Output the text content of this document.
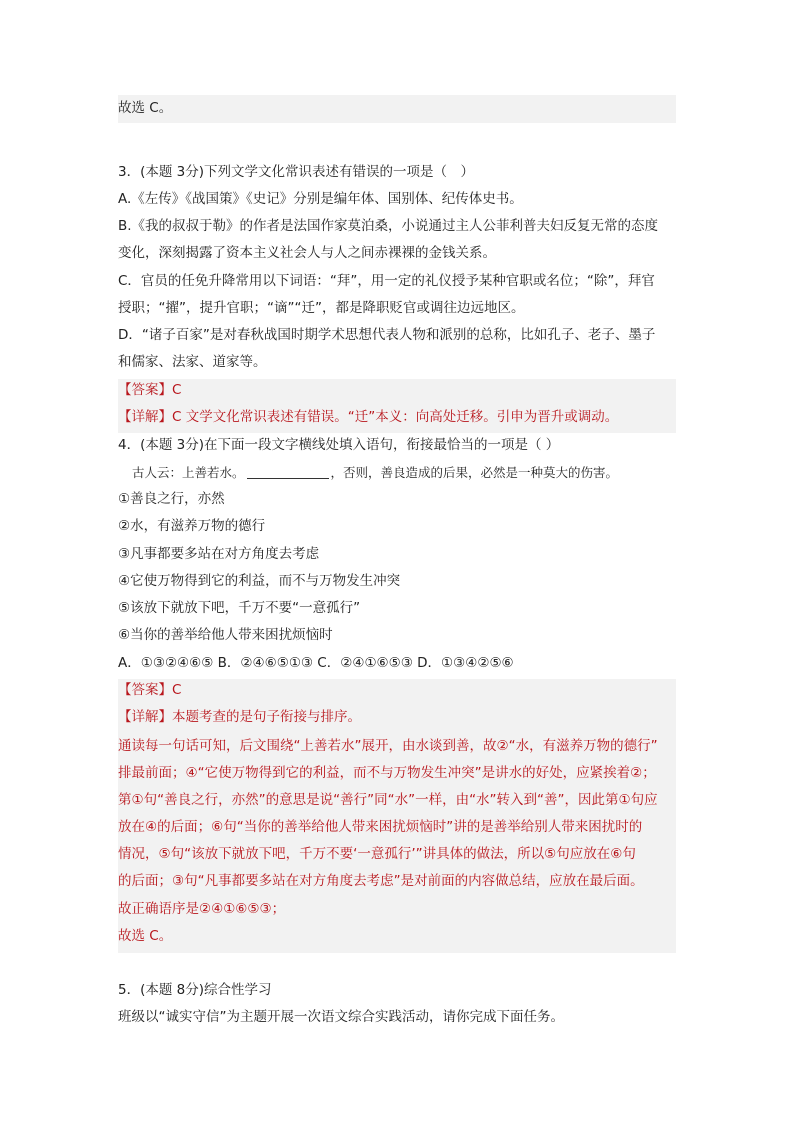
故选 C。
3．(本题 3分)下列文学文化常识表述有错误的一项是（　）
A.《左传》《战国策》《史记》分别是编年体、国别体、纪传体史书。
B.《我的叔叔于勒》的作者是法国作家莫泊桑，小说通过主人公菲利普夫妇反复无常的态度
变化，深刻揭露了资本主义社会人与人之间赤裸裸的金钱关系。
C．官员的任免升降常用以下词语：“拜”，用一定的礼仪授予某种官职或名位；“除”，拜官
授职；“擢”，提升官职；“谪”“迁”，都是降职贬官或调往边远地区。
D．“诸子百家”是对春秋战国时期学术思想代表人物和派别的总称，比如孔子、老子、墨子
和儒家、法家、道家等。
【答案】C
【详解】C 文学文化常识表述有错误。“迁”本义：向高处迁移。引申为晋升或调动。
4．(本题 3分)在下面一段文字横线处填入语句，衔接最恰当的一项是（ ）
古人云：上善若水。	，否则，善良造成的后果，必然是一种莫大的伤害。
①善良之行，亦然
②水，有滋养万物的德行
③凡事都要多站在对方角度去考虑
④它使万物得到它的利益，而不与万物发生冲突
⑤该放下就放下吧，千万不要“一意孤行”
⑥当你的善举给他人带来困扰烦恼时
A．①③②④⑥⑤ B．②④⑥⑤①③ C．②④①⑥⑤③ D．①③④②⑤⑥
【答案】C
【详解】本题考查的是句子衔接与排序。
通读每一句话可知，后文围绕“上善若水”展开，由水谈到善，故②“水，有滋养万物的德行”
排最前面；④“它使万物得到它的利益，而不与万物发生冲突”是讲水的好处，应紧挨着②；
第①句“善良之行，亦然”的意思是说“善行”同“水”一样，由“水”转入到“善”，因此第①句应
放在④的后面；⑥句“当你的善举给他人带来困扰烦恼时”讲的是善举给别人带来困扰时的
情况，⑤句“该放下就放下吧，千万不要‘一意孤行’”讲具体的做法，所以⑤句应放在⑥句
的后面；③句“凡事都要多站在对方角度去考虑”是对前面的内容做总结，应放在最后面。
故正确语序是②④①⑥⑤③；
故选 C。
5．(本题 8分)综合性学习
班级以“诚实守信”为主题开展一次语文综合实践活动，请你完成下面任务。
